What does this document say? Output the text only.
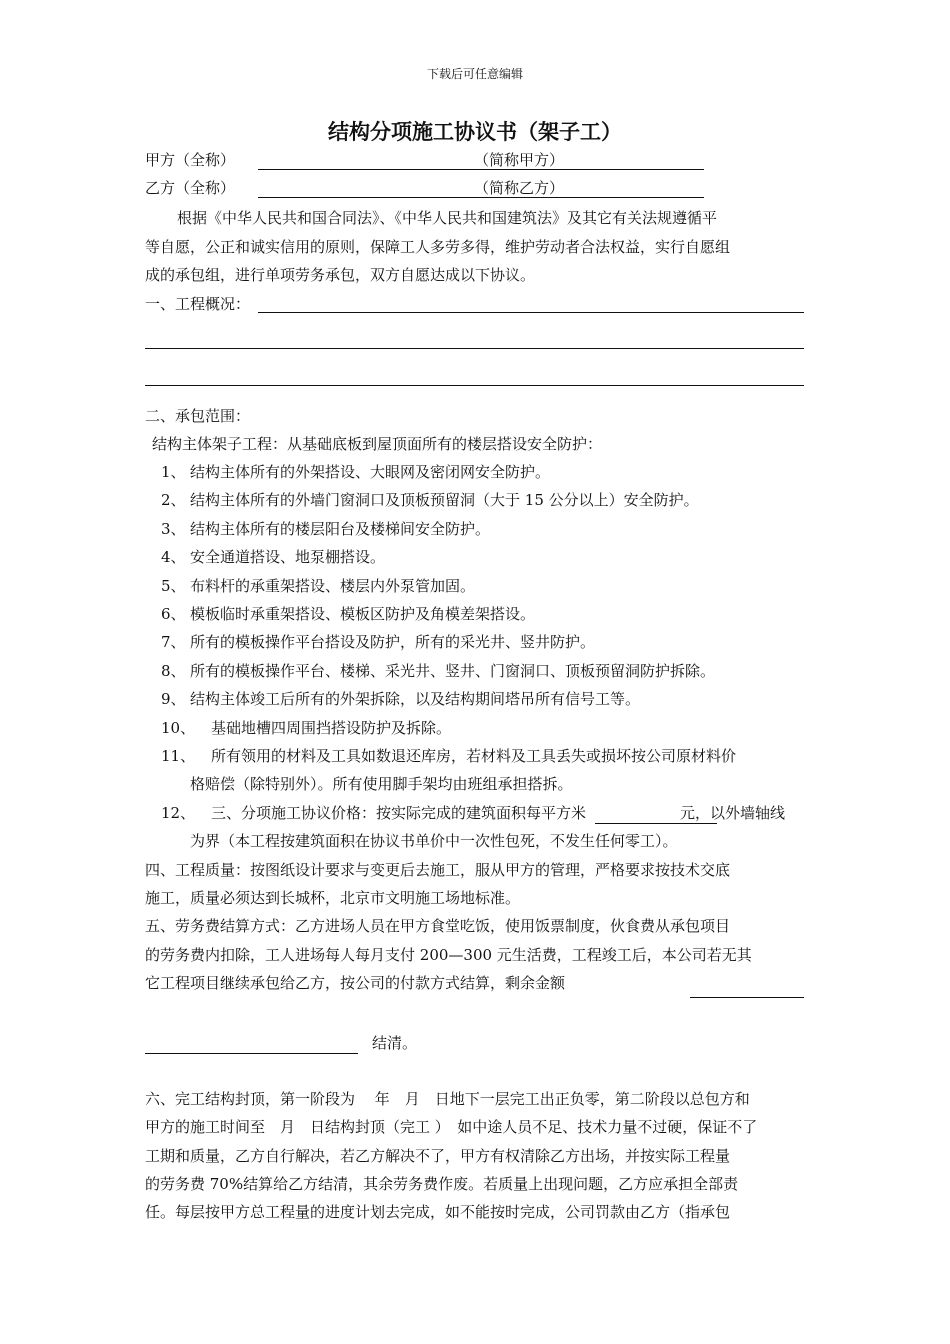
下载后可任意编辑
结构分项施工协议书（架子工）
甲方（全称）	（简称甲方）
乙方（全称）	（简称乙方）
根据《中华人民共和国合同法》、《中华人民共和国建筑法》及其它有关法规遵循平
等自愿，公正和诚实信用的原则，保障工人多劳多得，维护劳动者合法权益，实行自愿组
成的承包组，进行单项劳务承包，双方自愿达成以下协议。
一、工程概况：
二、承包范围：
结构主体架子工程：从基础底板到屋顶面所有的楼层搭设安全防护：
1、 结构主体所有的外架搭设、大眼网及密闭网安全防护。
2、 结构主体所有的外墙门窗洞口及顶板预留洞（大于 15 公分以上）安全防护。
3、 结构主体所有的楼层阳台及楼梯间安全防护。
4、 安全通道搭设、地泵棚搭设。
5、 布料杆的承重架搭设、楼层内外泵管加固。
6、 模板临时承重架搭设、模板区防护及角模差架搭设。
7、 所有的模板操作平台搭设及防护，所有的采光井、竖井防护。
8、 所有的模板操作平台、楼梯、采光井、竖井、门窗洞口、顶板预留洞防护拆除。
9、 结构主体竣工后所有的外架拆除，以及结构期间塔吊所有信号工等。
10、 基础地槽四周围挡搭设防护及拆除。
11、 所有领用的材料及工具如数退还库房，若材料及工具丢失或损坏按公司原材料价
格赔偿（除特别外）。所有使用脚手架均由班组承担搭拆。
12、 三、分项施工协议价格：按实际完成的建筑面积每平方米	元，以外墙轴线
为界（本工程按建筑面积在协议书单价中一次性包死，不发生任何零工）。
四、工程质量：按图纸设计要求与变更后去施工，服从甲方的管理，严格要求按技术交底
施工，质量必须达到长城杯，北京市文明施工场地标准。
五、劳务费结算方式：乙方进场人员在甲方食堂吃饭，使用饭票制度，伙食费从承包项目
的劳务费内扣除，工人进场每人每月支付 200—300 元生活费，工程竣工后，本公司若无其
它工程项目继续承包给乙方，按公司的付款方式结算，剩余金额
结清。
六、完工结构封顶，第一阶段为　 年　月　日地下一层完工出正负零，第二阶段以总包方和
甲方的施工时间至　月　日结构封顶（完工 ）　如中途人员不足、技术力量不过硬，保证不了
工期和质量，乙方自行解决，若乙方解决不了，甲方有权清除乙方出场，并按实际工程量
的劳务费 70%结算给乙方结清，其余劳务费作废。若质量上出现问题，乙方应承担全部责
任。每层按甲方总工程量的进度计划去完成，如不能按时完成，公司罚款由乙方（指承包
